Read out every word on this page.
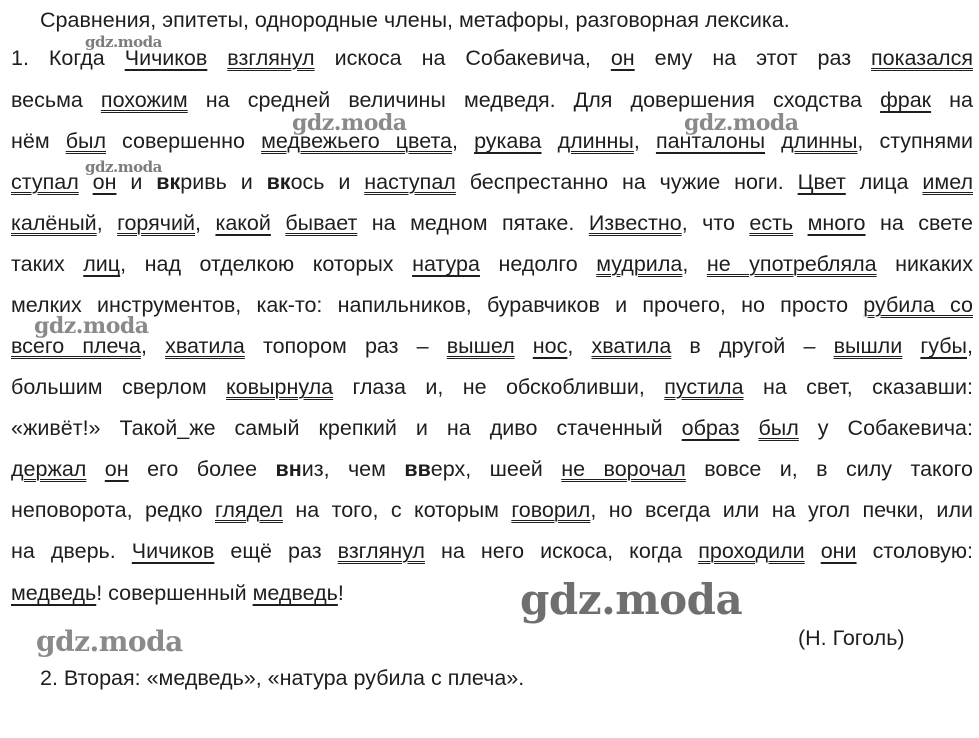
Сравнения, эпитеты, однородные члены, метафоры, разговорная лексика.
1. Когда Чичиков взглянул искоса на Собакевича, он ему на этот раз показался
весьма похожим на средней величины медведя. Для довершения сходства фрак на
нём был совершенно медвежьего цвета, рукава длинны, панталоны длинны, ступнями
ступал он и вкривь и вкось и наступал беспрестанно на чужие ноги. Цвет лица имел
калёный, горячий, какой бывает на медном пятаке. Известно, что есть много на свете
таких лиц, над отделкою которых натура недолго мудрила, не употребляла никаких
мелких инструментов, как-то: напильников, буравчиков и прочего, но просто рубила со
всего плеча, хватила топором раз – вышел нос, хватила в другой – вышли губы,
большим сверлом ковырнула глаза и, не обскобливши, пустила на свет, сказавши:
«живёт!» Такой_же самый крепкий и на диво стаченный образ был у Собакевича:
держал он его более вниз, чем вверх, шеей не ворочал вовсе и, в силу такого
неповорота, редко глядел на того, с которым говорил, но всегда или на угол печки, или
на дверь. Чичиков ещё раз взглянул на него искоса, когда проходили они столовую:
медведь! совершенный медведь!
(Н. Гоголь)
2. Вторая: «медведь», «натура рубила с плеча».
gdz.moda
gdz.moda	gdz.moda
gdz.moda
gdz.moda
gdz.moda
gdz.moda
